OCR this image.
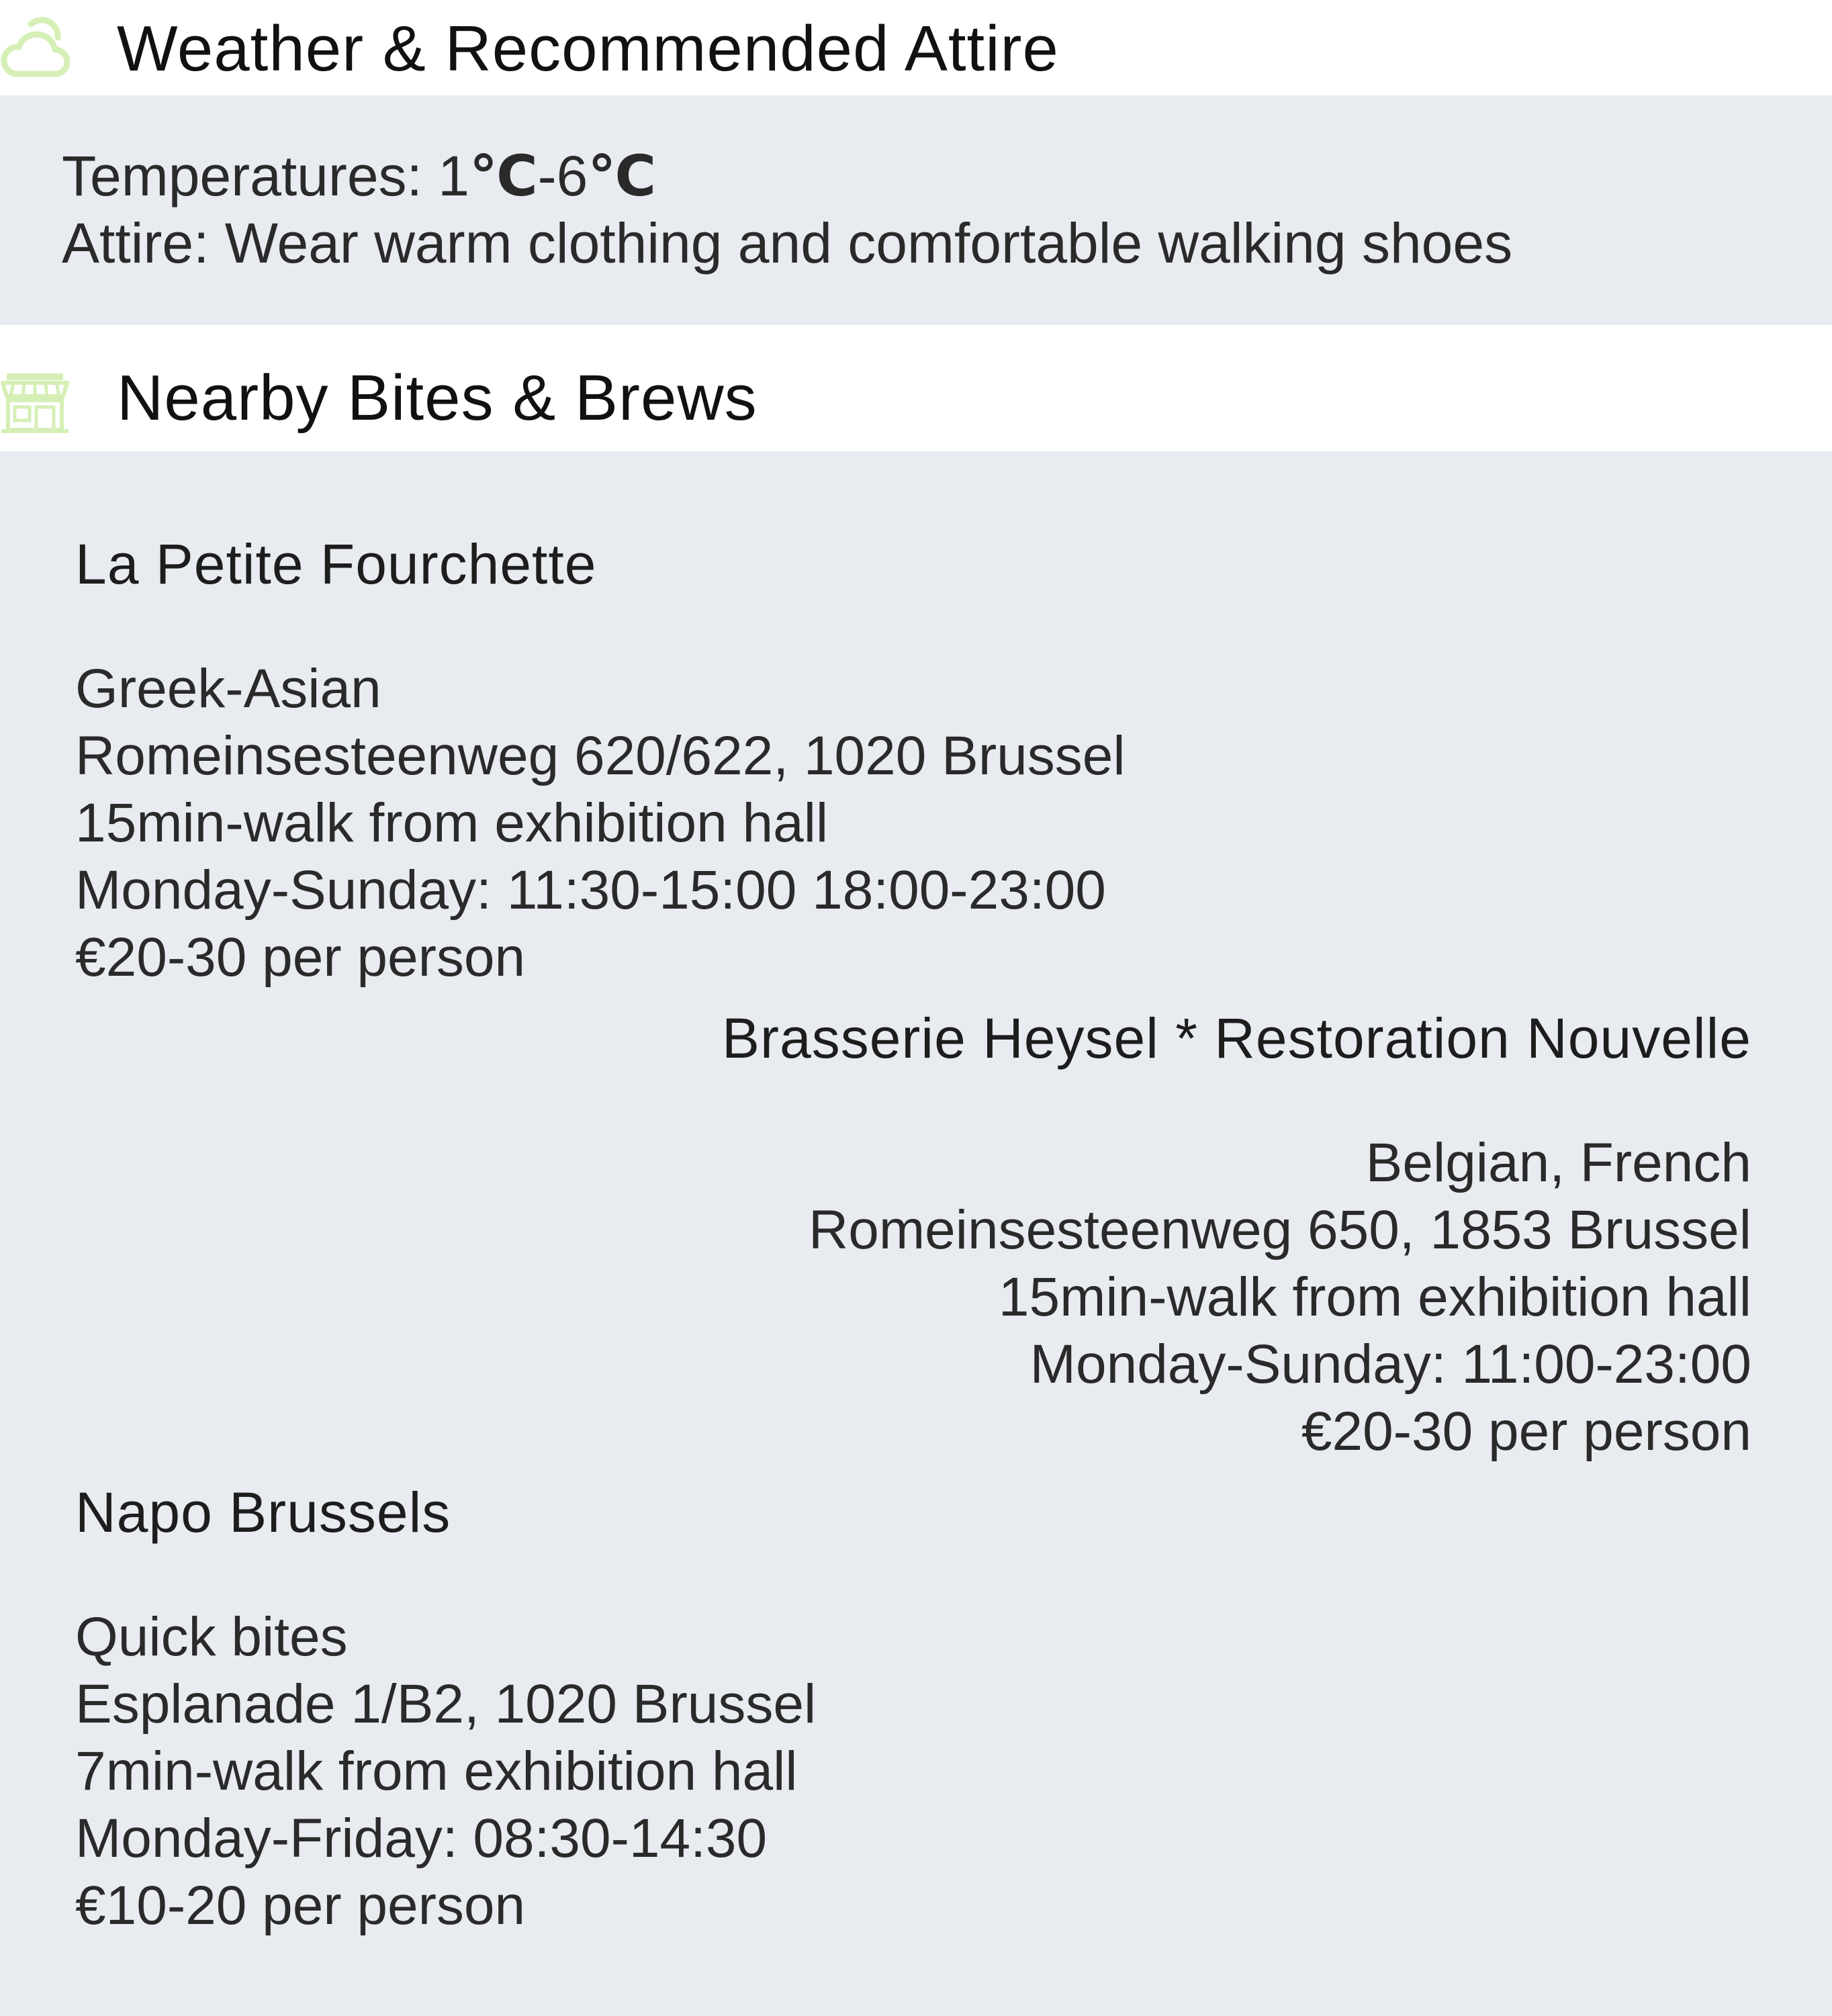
Weather & Recommended Attire
Temperatures: 1℃-6℃
Attire: Wear warm clothing and comfortable walking shoes
Nearby Bites & Brews
La Petite Fourchette
Greek-Asian
Romeinsesteenweg 620/622, 1020 Brussel
15min-walk from exhibition hall
Monday-Sunday: 11:30-15:00 18:00-23:00
€20-30 per person
Brasserie Heysel * Restoration Nouvelle
Belgian, French
Romeinsesteenweg 650, 1853 Brussel
15min-walk from exhibition hall
Monday-Sunday: 11:00-23:00
€20-30 per person
Napo Brussels
Quick bites
Esplanade 1/B2, 1020 Brussel
7min-walk from exhibition hall
Monday-Friday: 08:30-14:30
€10-20 per person
